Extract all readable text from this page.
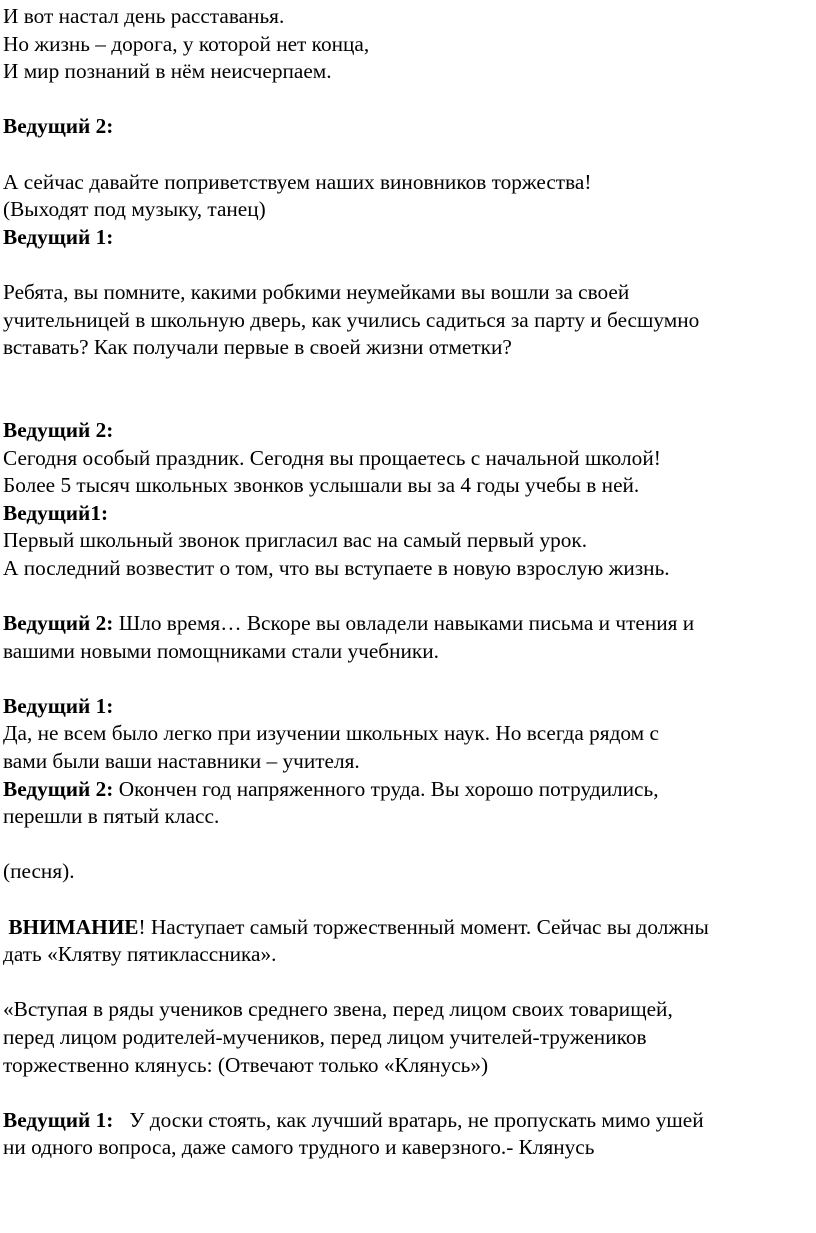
И вот настал день расставанья.
Но жизнь – дорога, у которой нет конца,
И мир познаний в нём неисчерпаем.
Ведущий 2:
А сейчас давайте поприветствуем наших виновников торжества!
(Выходят под музыку, танец)
Ведущий 1:
Ребята, вы помните, какими робкими неумейками вы вошли за своей
учительницей в школьную дверь, как учились садиться за парту и бесшумно
вставать? Как получали первые в своей жизни отметки?
Ведущий 2:
Сегодня особый праздник. Сегодня вы прощаетесь с начальной школой!
Более 5 тысяч школьных звонков услышали вы за 4 годы учебы в ней.
Ведущий1:
Первый школьный звонок пригласил вас на самый первый урок.
А последний возвестит о том, что вы вступаете в новую взрослую жизнь.
Ведущий 2: Шло время… Вскоре вы овладели навыками письма и чтения и
вашими новыми помощниками стали учебники.
Ведущий 1:
Да, не всем было легко при изучении школьных наук. Но всегда рядом с
вами были ваши наставники – учителя.
Ведущий 2: Окончен год напряженного труда. Вы хорошо потрудились,
перешли в пятый класс.
(песня).
ВНИМАНИЕ! Наступает самый торжественный момент. Сейчас вы должны
дать «Клятву пятиклассника».
«Вступая в ряды учеников среднего звена, перед лицом своих товарищей,
перед лицом родителей-мучеников, перед лицом учителей-тружеников
торжественно клянусь: (Отвечают только «Клянусь»)
Ведущий 1:   У доски стоять, как лучший вратарь, не пропускать мимо ушей
ни одного вопроса, даже самого трудного и каверзного.- Клянусь
